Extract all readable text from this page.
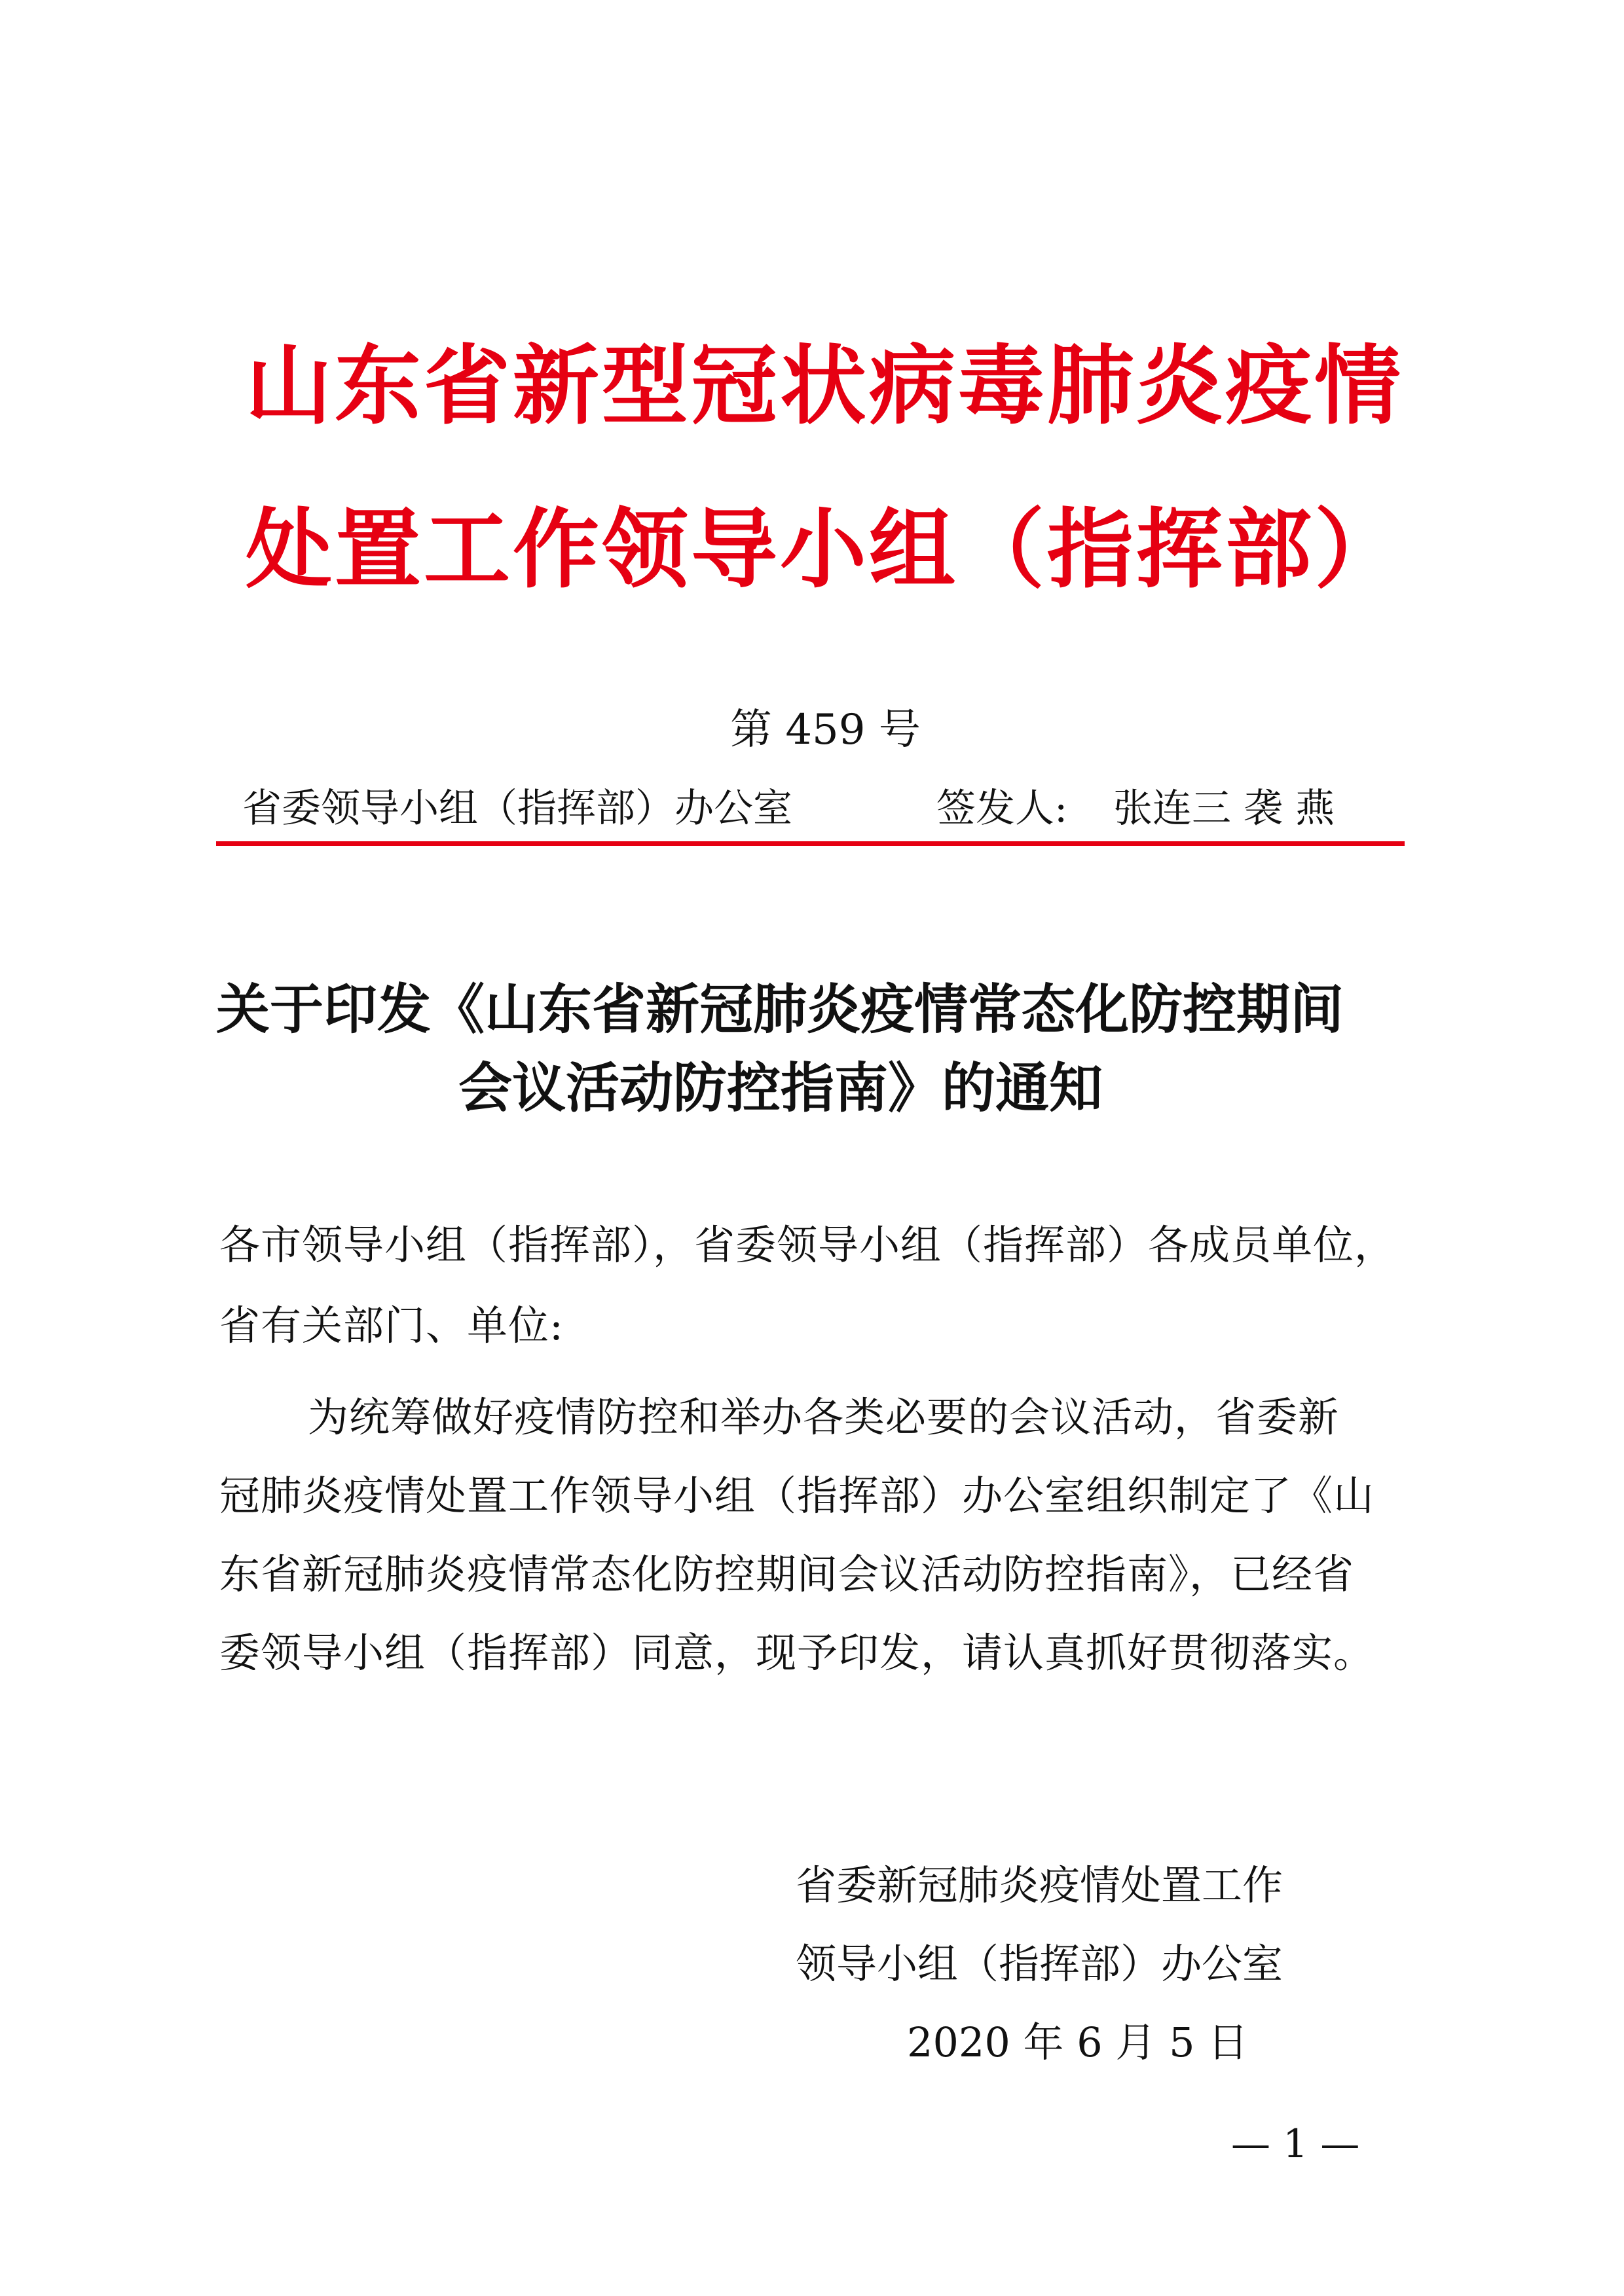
山东省新型冠状病毒肺炎疫情
处置工作领导小组（指挥部）
第 459 号
省委领导小组（指挥部）办公室	签发人: 张连三 袭 燕
关于印发《山东省新冠肺炎疫情常态化防控期间
会议活动防控指南》的通知
各市领导小组（指挥部），省委领导小组（指挥部）各成员单位，
省有关部门、单位:
为统筹做好疫情防控和举办各类必要的会议活动，省委新
冠肺炎疫情处置工作领导小组（指挥部）办公室组织制定了《山
东省新冠肺炎疫情常态化防控期间会议活动防控指南》，已经省
委领导小组（指挥部）同意，现予印发，请认真抓好贯彻落实。
省委新冠肺炎疫情处置工作
领导小组（指挥部）办公室
2020 年 6 月 5 日
— 1 —
